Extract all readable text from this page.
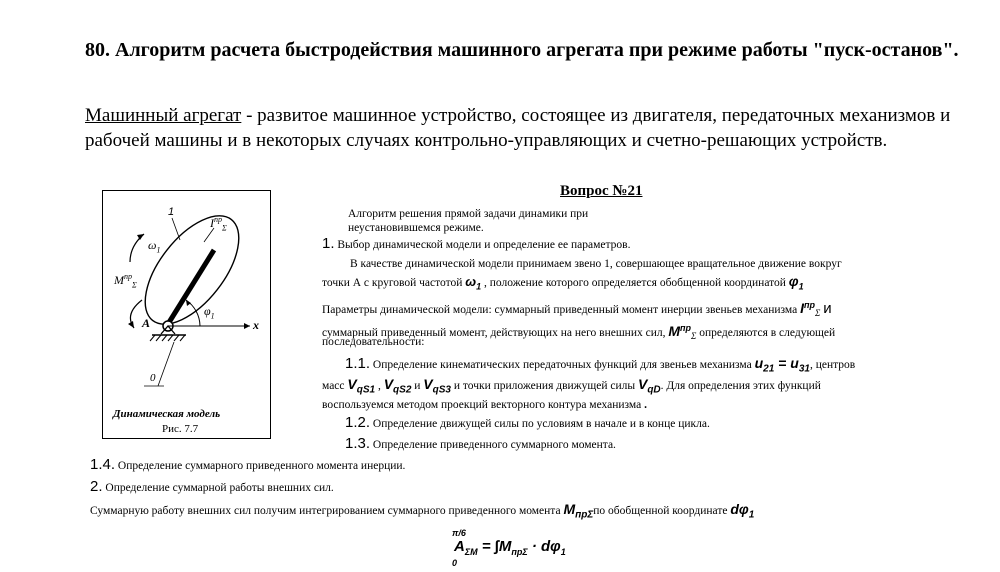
80. Алгоритм расчета быстродействия машинного агрегата при режиме работы "пуск-останов".
Машинный агрегат - развитое машинное устройство, состоящее из двигателя, передаточных механизмов и рабочей машины и в некоторых случаях контрольно-управляющих и счетно-решающих устройств.
1
$I^{пр}_\Sigma$
$\omega_1$
$M^{пр}_\Sigma$
A
$\varphi_1$
x
0
Динамическая модель
Рис. 7.7
Вопрос №21
Алгоритм решения прямой задачи динамики при
неустановившемся режиме.
1. Выбор динамической модели и определение ее параметров.
В качестве динамической модели принимаем звено 1, совершающее вращательное движение вокруг
точки А с круговой частотой $\omega_1$ , положение которого определяется обобщенной координатой $\varphi_1$
Параметры динамической модели: суммарный приведенный момент инерции звеньев механизма $I^{пр}_\Sigma$ и
суммарный приведенный момент, действующих на него внешних сил, $M^{пр}_\Sigma$ определяются в следующей
последовательности:
1.1. Определение кинематических передаточных функций для звеньев механизма $u_{21} = u_{31}$, центров
масс $V_{qS1}$ , $V_{qS2}$ и $V_{qS3}$ и точки приложения движущей силы $V_{qD}$. Для определения этих функций
воспользуемся методом проекций векторного контура механизма .
1.2. Определение движущей силы по условиям в начале и в конце цикла.
1.3. Определение приведенного суммарного момента.
1.4. Определение суммарного приведенного момента инерции.
2. Определение суммарной работы внешних сил.
Суммарную работу внешних сил получим интегрированием суммарного приведенного момента $M_{пр\Sigma}по$ обобщенной координате $d\varphi_1$
π/6
$A_{\Sigma М} = \int M_{пр\Sigma} \cdot d\varphi_1$
0
